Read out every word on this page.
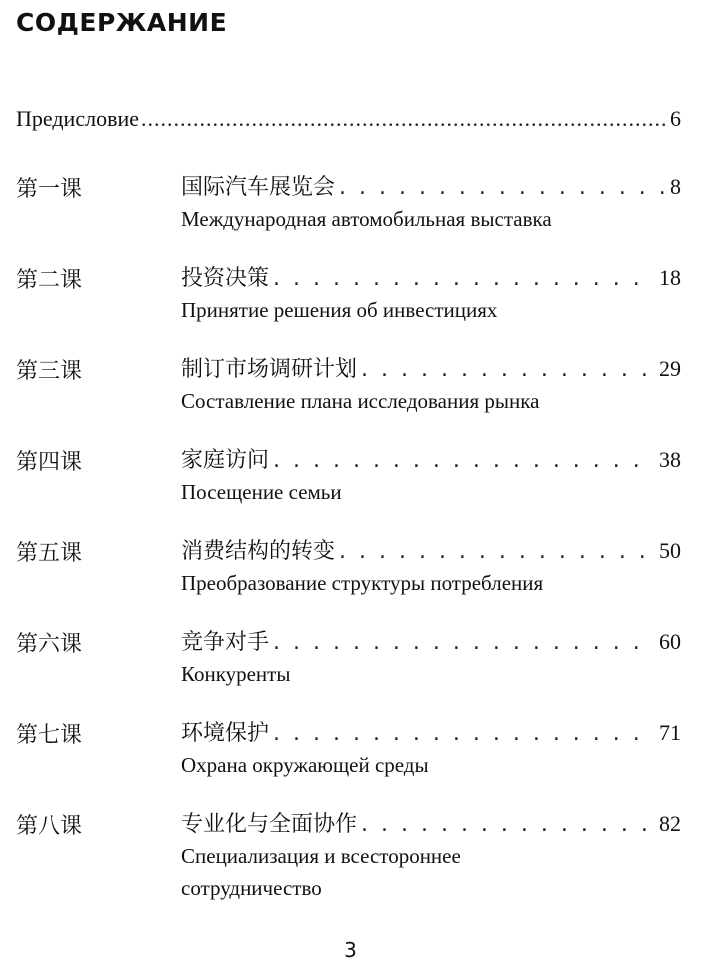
СОДЕРЖАНИЕ
Предисловие .....	6
第一课	国际汽车展览会 . . .	8
Международная автомобильная выставка
第二课	投资决策 . . .	18
Принятие решения об инвестициях
第三课	制订市场调研计划 . . .	29
Составление плана исследования рынка
第四课	家庭访问 . . .	38
Посещение семьи
第五课	消费结构的转变 . . .	50
Преобразование структуры потребления
第六课	竞争对手 . . .	60
Конкуренты
第七课	环境保护 . . .	71
Охрана окружающей среды
第八课	专业化与全面协作 . . .	82
Специализация и всестороннее
сотрудничество
3
